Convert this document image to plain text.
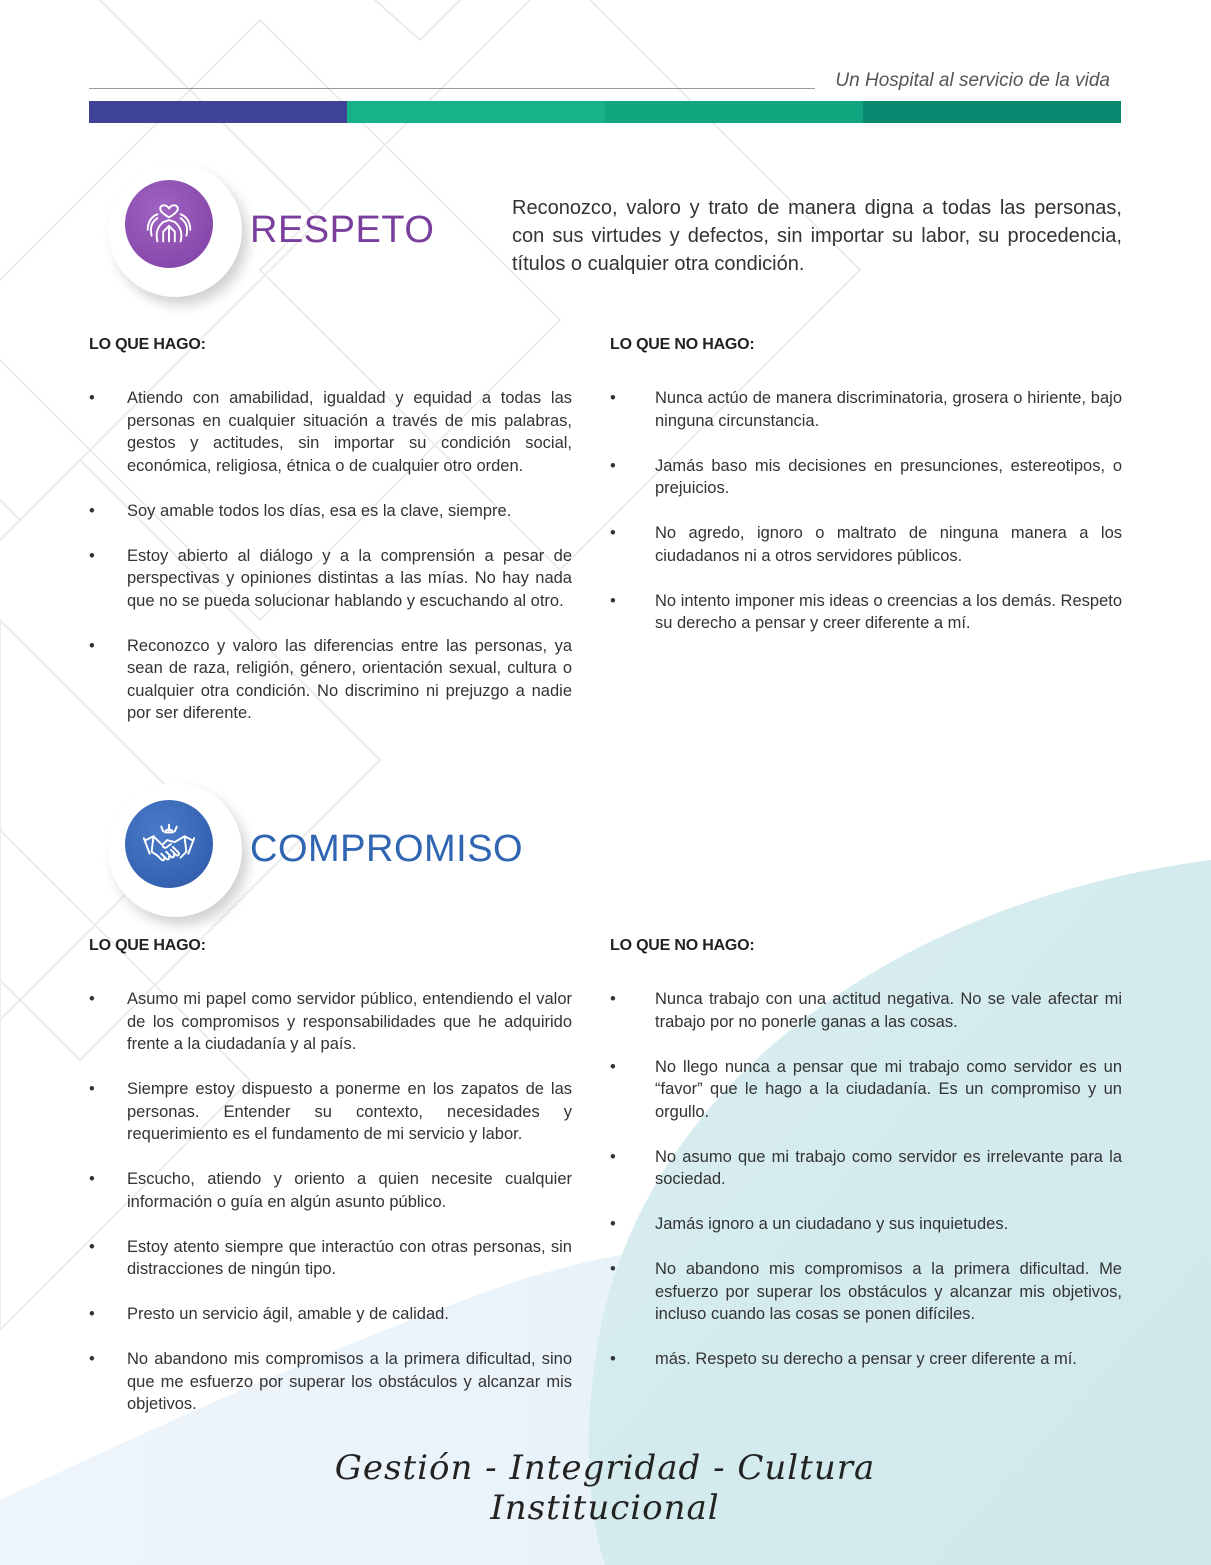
Un Hospital al servicio de la vida
RESPETO
Reconozco, valoro y trato de manera digna a todas las personas, con sus virtudes y defectos, sin importar su labor, su procedencia, títulos o cualquier otra condición.
LO QUE HAGO:
• Atiendo con amabilidad, igualdad y equidad a todas las personas en cualquier situación a través de mis palabras, gestos y actitudes, sin importar su condición social, económica, religiosa, étnica o de cualquier otro orden.
• Soy amable todos los días, esa es la clave, siempre.
• Estoy abierto al diálogo y a la comprensión a pesar de perspectivas y opiniones distintas a las mías. No hay nada que no se pueda solucionar hablando y escuchando al otro.
• Reconozco y valoro las diferencias entre las personas, ya sean de raza, religión, género, orientación sexual, cultura o cualquier otra condición. No discrimino ni prejuzgo a nadie por ser diferente.
LO QUE NO HAGO:
• Nunca actúo de manera discriminatoria, grosera o hiriente, bajo ninguna circunstancia.
• Jamás baso mis decisiones en presunciones, estereotipos, o prejuicios.
• No agredo, ignoro o maltrato de ninguna manera a los ciudadanos ni a otros servidores públicos.
• No intento imponer mis ideas o creencias a los demás. Respeto su derecho a pensar y creer diferente a mí.
COMPROMISO
LO QUE HAGO:
• Asumo mi papel como servidor público, entendiendo el valor de los compromisos y responsabilidades que he adquirido frente a la ciudadanía y al país.
• Siempre estoy dispuesto a ponerme en los zapatos de las personas. Entender su contexto, necesidades y requerimiento es el fundamento de mi servicio y labor.
• Escucho, atiendo y oriento a quien necesite cualquier información o guía en algún asunto público.
• Estoy atento siempre que interactúo con otras personas, sin distracciones de ningún tipo.
• Presto un servicio ágil, amable y de calidad.
• No abandono mis compromisos a la primera dificultad, sino que me esfuerzo por superar los obstáculos y alcanzar mis objetivos.
LO QUE NO HAGO:
• Nunca trabajo con una actitud negativa. No se vale afectar mi trabajo por no ponerle ganas a las cosas.
• No llego nunca a pensar que mi trabajo como servidor es un “favor” que le hago a la ciudadanía. Es un compromiso y un orgullo.
• No asumo que mi trabajo como servidor es irrelevante para la sociedad.
• Jamás ignoro a un ciudadano y sus inquietudes.
• No abandono mis compromisos a la primera dificultad. Me esfuerzo por superar los obstáculos y alcanzar mis objetivos, incluso cuando las cosas se ponen difíciles.
• más. Respeto su derecho a pensar y creer diferente a mí.
Gestión - Integridad - Cultura Institucional
